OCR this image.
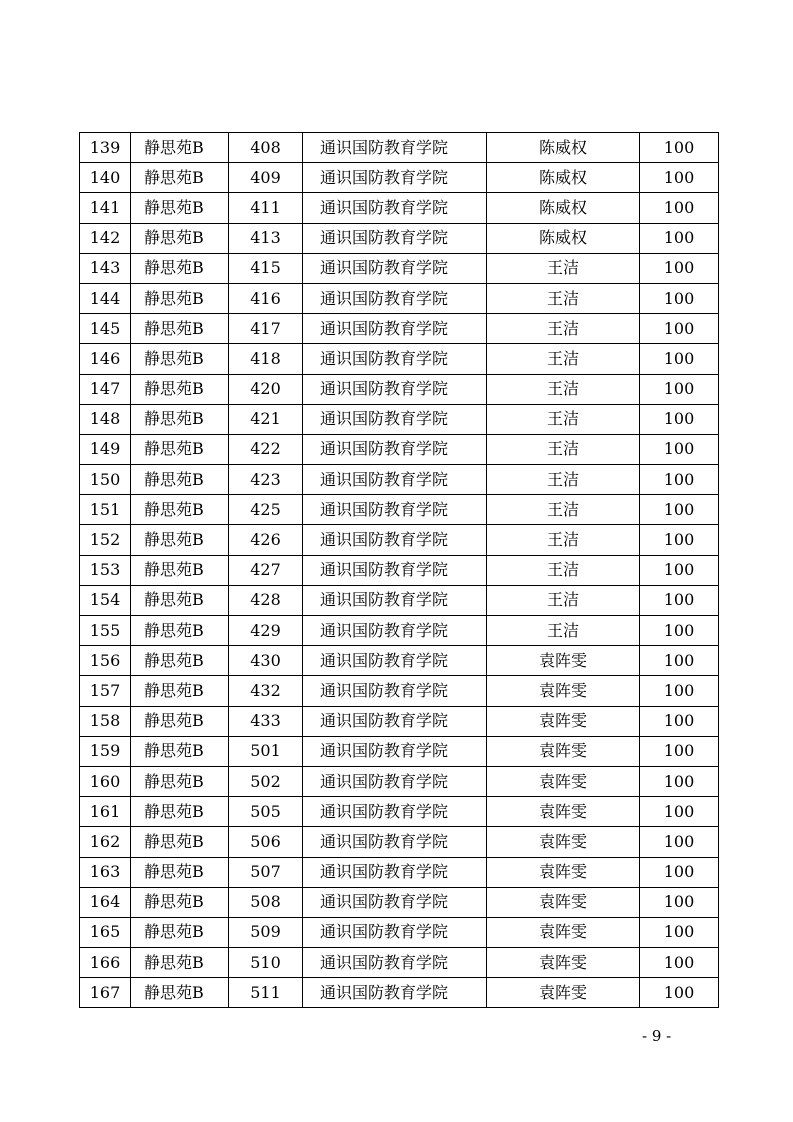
139	静思苑B	408	通识国防教育学院	陈威权	100
140	静思苑B	409	通识国防教育学院	陈威权	100
141	静思苑B	411	通识国防教育学院	陈威权	100
142	静思苑B	413	通识国防教育学院	陈威权	100
143	静思苑B	415	通识国防教育学院	王洁	100
144	静思苑B	416	通识国防教育学院	王洁	100
145	静思苑B	417	通识国防教育学院	王洁	100
146	静思苑B	418	通识国防教育学院	王洁	100
147	静思苑B	420	通识国防教育学院	王洁	100
148	静思苑B	421	通识国防教育学院	王洁	100
149	静思苑B	422	通识国防教育学院	王洁	100
150	静思苑B	423	通识国防教育学院	王洁	100
151	静思苑B	425	通识国防教育学院	王洁	100
152	静思苑B	426	通识国防教育学院	王洁	100
153	静思苑B	427	通识国防教育学院	王洁	100
154	静思苑B	428	通识国防教育学院	王洁	100
155	静思苑B	429	通识国防教育学院	王洁	100
156	静思苑B	430	通识国防教育学院	袁阵雯	100
157	静思苑B	432	通识国防教育学院	袁阵雯	100
158	静思苑B	433	通识国防教育学院	袁阵雯	100
159	静思苑B	501	通识国防教育学院	袁阵雯	100
160	静思苑B	502	通识国防教育学院	袁阵雯	100
161	静思苑B	505	通识国防教育学院	袁阵雯	100
162	静思苑B	506	通识国防教育学院	袁阵雯	100
163	静思苑B	507	通识国防教育学院	袁阵雯	100
164	静思苑B	508	通识国防教育学院	袁阵雯	100
165	静思苑B	509	通识国防教育学院	袁阵雯	100
166	静思苑B	510	通识国防教育学院	袁阵雯	100
167	静思苑B	511	通识国防教育学院	袁阵雯	100
- 9 -
